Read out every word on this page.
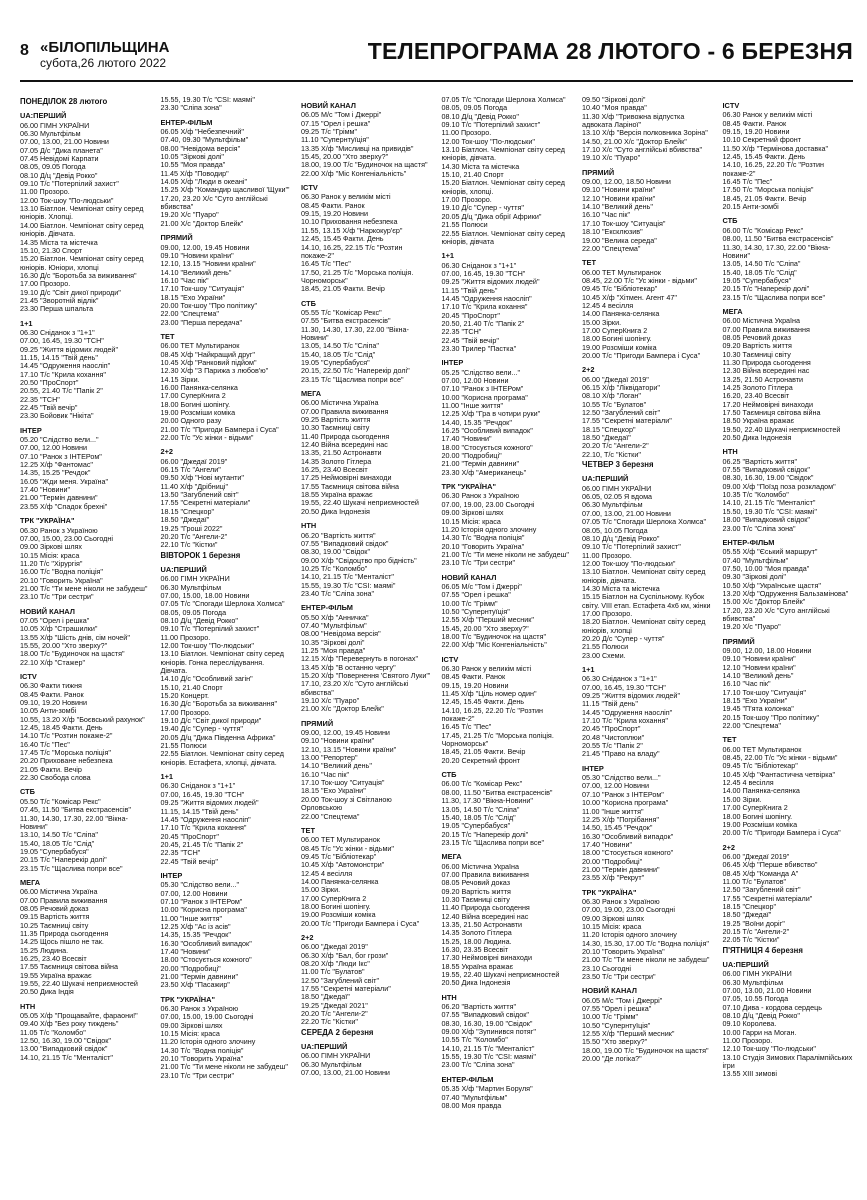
8 «БІЛОПІЛЬЩИНА
субота,26 лютого 2022	ТЕЛЕПРОГРАМА 28 ЛЮТОГО - 6 БЕРЕЗНЯ
ПОНЕДІЛОК 28 лютого
UA:ПЕРШИЙ
06.00 ГІМН УКРАЇНИ
06.30 Мультфільм
07.00, 13.00, 21.00 Новини
07.05 Д/с "Дика планета"
07.45 Невідомі Карпати
08.05, 09.05 Погода
08.10 Д/ц "Девід Рокко"
09.10 Т/с "Потерпілий захист"
11.00 Прозоро.
12.00 Ток-шоу "По-людськи"
13.10 Біатлон. Чемпіонат світу серед юніорів. Хлопці.
14.00 Біатлон. Чемпіонат світу серед юніорів. Дівчата.
14.35 Міста та містечка
15.10, 21.30 Спорт
15.20 Біатлон. Чемпіонат світу серед юніорів. Юніори, хлопці
16.30 Д/с "Боротьба за виживання"
17.00 Прозоро.
19.10 Д/с "Світ дикої природи"
21.45 "Зворотній відлік"
23.30 Перша шпальта
1+1
06.30 Сніданок з "1+1"
07.00, 16.45, 19.30 "ТСН"
09.25 "Життя відомих людей"
11.15, 14.15 "Твій день"
14.45 "Одруження наосліп"
17.10 Т/с "Крила кохання"
20.50 "ПроСпорт"
20.55, 21.40 Т/с "Папік 2"
22.35 "ТСН"
22.45 "Твій вечір"
23.30 Бойовик "Нікіта"
ІНТЕР
05.20 "Слідство вели..."
07.00, 12.00 Новини
07.10 "Ранок з ІНТЕРом"
12.25 Х/ф "Фантомас"
14.35, 15.25 "Речдок"
16.05 "Жди меня. Україна"
17.40 "Новини"
21.00 "Термін давнини"
23.55 Х/ф "Спадок брехні"
ТРК "УКРАЇНА"
06.30 Ранок з Україною
07.00, 15.00, 23.00 Сьогодні
09.00 Зіркові шлях
10.15 Місія: краса
11.20 Т/с "Хірургія"
16.00 Т/с "Водна поліція"
20.10 "Говорить Україна"
21.00 Т/с "Ти мене ніколи не забудеш"
23.10 Т/с "Три сестри"
НОВИЙ КАНАЛ
07.05 "Орел і решка"
10.05 Х/ф "Страшилки"
13.55 Х/ф "Шість днів, сім ночей"
15.55, 20.00 "Хто зверху?"
18.00 Т/с "Будиночок на щастя"
22.10 Х/ф "Стажер"
ICTV
06.30 Факти тижня
08.45 Факти. Ранок
09.10, 19.20 Новини
10.05 Анти-зомбі
10.55, 13.20 Х/ф "Боєвський рахунок"
12.45, 18.45 Факти. День
14.10 Т/с "Розтин покаже-2"
16.40 Т/с "Пес"
17.45 Т/с "Морська поліція"
20.20 Приховане небезпека
21.05 Факти. Вечір
22.30 Свобода слова
СТБ
05.50 Т/с "Комісар Рекс"
07.45, 11.50 "Битва екстрасенсів"
11.30, 14.30, 17.30, 22.00 "Вікна-Новини"
13.10, 14.50 Т/с "Сліпа"
15.40, 18.05 Т/с "Слід"
19.05 "Супербабуся"
20.15 Т/с "Наперекір долі"
23.15 Т/с "Щаслива попри все"
МЕГА
06.00 Містична Україна
07.00 Правила виживання
08.05 Речовий доказ
09.15 Вартість життя
10.25 Таємниці світу
11.35 Природа сьогодення
14.25 Щось пішло не так.
15.25 Людина.
16.25, 23.40 Всесвіт
17.55 Таємниця світова війна
19.55 Україна вражає
19.55, 22.40 Шукачі неприємностей
20.50 Дика Індія
НТН
05.05 Х/ф "Прощавайте, фараони!"
09.40 Х/ф "Без року тиждень"
11.05 Т/с "Коломбо"
12.50, 16.30, 19.00 "Свідок"
13.00 "Випадковий свідок"
14.10, 21.15 Т/с "Менталіст"
15.55, 19.30 Т/с "CSI: маямі"
23.30 "Сліпа зона"
ЕНТЕР-ФІЛЬМ
06.05 Х/ф "Небезпечний"
07.40, 09.30 "Мультфільм"
08.00 "Невідома версія"
10.05 "Зіркові долі"
10.55 "Моя правда"
11.45 Х/ф "Поводир"
14.05 Х/ф "Люди в океані"
15.25 Х/ф "Командир щасливої 'Щуки'"
17.20, 23.20 Х/с "Суто англійські вбивства"
19.20 Х/с "Пуаро"
21.00 Х/с "Доктор Блейк"
ПРЯМИЙ
09.00, 12.00, 19.45 Новини
09.10 "Новини країни"
12.10, 13.15 "Новини країни"
14.10 "Великий день"
16.10 "Час пік"
17.10 Ток-шоу "Ситуація"
18.15 "Ехо України"
20.00 Ток-шоу "Про політику"
22.00 "Спецтема"
23.00 "Перша передача"
ТЕТ
06.00 ТЕТ Мультиранок
08.45 Х/ф "Найкращий друг"
10.45 Х/ф "Ранковий підйом"
12.30 Х/ф "З Парижа з любов'ю"
14.15 Зірки.
16.00 Панянка-селянка
17.00 СуперКнига 2
18.00 Богині шопінгу.
19.00 Розсміши коміка
20.00 Одного разу
21.00 Т/с "Пригоди Бампера і Суса"
22.00 Т/с "Ус жінки - відьми"
2+2
06.00 "Джедаї 2019"
06.15 Т/с "Ангели"
09.50 Х/ф "Нові мутанти"
11.40 Х/ф "Дрібниці"
13.50 "Загублений світ"
17.55 "Секретні матеріали"
18.15 "Спецкор"
18.50 "Джедаї"
19.25 "Гроші 2022"
20.20 Т/с "Ангели-2"
22.10 Т/с "Кістки"
ВІВТОРОК 1 березня
UA:ПЕРШИЙ
06.00 ГІМН УКРАЇНИ
06.30 Мультфільм
07.00, 15.00, 18.00 Новини
07.05 Т/с "Спогади Шерлока Холмса"
08.05, 09.05 Погода
08.10 Д/ц "Девід Рокко"
09.10 Т/с "Потерпілий захист"
11.00 Прозоро.
12.00 Ток-шоу "По-людськи"
13.10 Біатлон. Чемпіонат світу серед юніорів. Гонка переслідування. Дівчата.
14.10 Д/с "Особливий загін"
15.10, 21.40 Спорт
15.20 Концерт.
16.30 Д/с "Боротьба за виживання"
17.00 Прозоро.
19.10 Д/с "Світ дикої природи"
19.40 Д/с "Супер - чуття"
20.05 Д/ц "Дика Південна Африка"
21.55 Полюси
22.55 Біатлон. Чемпіонат світу серед юніорів. Естафета, хлопці, дівчата.
1+1
06.30 Сніданок з "1+1"
07.00, 16.45, 19.30 "ТСН"
09.25 "Життя відомих людей"
11.15, 14.15 "Твій день"
14.45 "Одруження наосліп"
17.10 Т/с "Крила кохання"
20.45 "ПроСпорт"
20.45, 21.45 Т/с "Папік 2"
22.35 "ТСН"
22.45 "Твій вечір"
ІНТЕР
05.30 "Слідство вели..."
07.00, 12.00 Новини
07.10 "Ранок з ІНТЕРом"
10.00 "Корисна програма"
11.00 "Інше життя"
12.25 Х/ф "Ас із асів"
14.35, 15.35 "Речдок"
16.30 "Особливий випадок"
17.40 "Новини"
18.00 "Стосується кожного"
20.00 "Подробиці"
21.00 "Термін давнини"
23.50 Х/ф "Пасажир"
ТРК "УКРАЇНА"
06.30 Ранок з Україною
07.00, 15.00, 19.00 Сьогодні
09.00 Зіркові шлях
10.15 Місія: краса
11.20 Історія одного злочину
14.30 Т/с "Водна поліція"
20.10 "Говорить Україна"
21.00 Т/с "Ти мене ніколи не забудеш"
23.10 Т/с "Три сестри"
НОВИЙ КАНАЛ
06.05 М/с "Том і Джеррі"
07.15 "Орел і решка"
09.25 Т/с "Грімм"
11.10 "Супернтуїція"
13.35 Х/ф "Мисливці на привидів"
15.45, 20.00 "Хто зверху?"
18.00, 19.00 Т/с "Будиночок на щастя"
22.00 Х/ф "Міс Конгеніальність"
ICTV
06.30 Ранок у великім місті
08.45 Факти. Ранок
09.15, 19.20 Новини
10.10 Приховання небезпека
11.55, 13.15 Х/ф "Наркокур'єр"
12.45, 15.45 Факти. День
14.10, 16.25, 22.15 Т/с "Розтин покаже-2"
16.45 Т/с "Пес"
17.50, 21.25 Т/с "Морська поліція. Чорноморськ"
18.45, 21.05 Факти. Вечір
СТБ
05.55 Т/с "Комісар Рекс"
07.55 "Битва екстрасенсів"
11.30, 14.30, 17.30, 22.00 "Вікна-Новини"
13.05, 14.50 Т/с "Сліпа"
15.40, 18.05 Т/с "Слід"
19.05 "Супербабуся"
20.15, 22.50 Т/с "Наперекір долі"
23.15 Т/с "Щаслива попри все"
МЕГА
06.00 Містична Україна
07.00 Правила виживання
09.25 Вартість життя
10.30 Таємниці світу
11.40 Природа сьогодення
12.40 Війна всередині нас
13.35, 21.50 Астронавти
14.35 Золото Гітлера
16.25, 23.40 Всесвіт
17.25 Неймовірні винаходи
17.55 Таємниця світова війна
18.55 Україна вражає
19.55, 22.40 Шукачі неприємностей
20.50 Дика Індонезія
НТН
06.20 "Вартість життя"
07.55 "Випадковий свідок"
08.30, 19.00 "Свідок"
09.00 Х/ф "Свідоцтво про бідність"
10.25 Т/с "Коломбо"
14.10, 21.15 Т/с "Менталіст"
15.55, 19.30 Т/с "CSI: маямі"
23.40 Т/с "Сліпа зона"
ЕНТЕР-ФІЛЬМ
05.50 Х/ф "Анничка"
07.40 "Мультфільм"
08.00 "Невідома версія"
10.35 "Зіркові долі"
11.25 "Моя правда"
12.15 Х/ф "Перевернуть в погонах"
13.45 Х/ф "В останню чергу"
15.20 Х/ф "Повернення 'Святого Луки'"
17.10, 23.20 Х/с "Суто англійські вбивства"
19.10 Х/с "Пуаро"
21.00 Х/с "Доктор Блейк"
ПРЯМИЙ
09.00, 12.00, 19.45 Новини
09.10 "Новини країни"
12.10, 13.15 "Новини країни"
13.00 "Репортер"
14.10 "Великий день"
16.10 "Час пік"
17.10 Ток-шоу "Ситуація"
18.15 "Ехо України"
20.00 Ток-шоу зі Світланою Орловською
22.00 "Спецтема"
ТЕТ
06.00 ТЕТ Мультиранок
08.45 Т/с "Ус жінки - відьми"
09.45 Т/с "Бібліотекар"
10.45 Х/ф "Автомонстри"
12.45 4 весілля
14.00 Панянка-селянка
15.00 Зірки.
17.00 СуперКнига 2
18.00 Богині шопінгу.
19.00 Розсміши коміка
20.00 Т/с "Пригоди Бампера і Суса"
2+2
06.00 "Джедаї 2019"
06.30 Х/ф "Бал, бог грози"
08.20 Х/ф "Люди Ікс"
11.00 Т/с "Булатов"
12.50 "Загублений світ"
17.55 "Секретні матеріали"
18.50 "Джедаї"
19.25 "Джедаї 2021"
20.20 Т/с "Ангели-2"
22.20 Т/с "Кістки"
СЕРЕДА 2 березня
UA:ПЕРШИЙ
06.00 ГІМН УКРАЇНИ
06.30 Мультфільм
07.00, 13.00, 21.00 Новини
07.05 Т/с "Спогади Шерлока Холмса"
08.05, 09.05 Погода
08.10 Д/ц "Девід Рокко"
09.10 Т/с "Потерпілий захист"
11.00 Прозоро.
12.00 Ток-шоу "По-людськи"
13.10 Біатлон. Чемпіонат світу серед юніорів, дівчата.
14.30 Міста та містечка
15.10, 21.40 Спорт
15.20 Біатлон. Чемпіонат світу серед юніорів, хлопці.
17.00 Прозоро.
19.10 Д/с "Супер - чуття"
20.05 Д/ц "Дика обрії Африки"
21.55 Полюси
22.55 Біатлон. Чемпіонат світу серед юніорів, дівчата
1+1
06.30 Сніданок з "1+1"
07.00, 16.45, 19.30 "ТСН"
09.25 "Життя відомих людей"
11.15 "Твій день"
14.45 "Одруження наосліп"
17.10 Т/с "Крила кохання"
20.45 "ПроСпорт"
20.50, 21.40 Т/с "Папік 2"
22.35 "ТСН"
22.45 "Твій вечір"
23.30 Трилер "Пастка"
ІНТЕР
05.25 "Слідство вели..."
07.00, 12.00 Новини
07.10 "Ранок з ІНТЕРом"
10.00 "Корисна програма"
11.00 "Інше життя"
12.25 Х/ф "Гра в чотири руки"
14.40, 15.35 "Речдок"
16.25 "Особливий випадок"
17.40 "Новини"
18.00 "Стосується кожного"
20.00 "Подробиці"
21.00 "Термін давнини"
23.30 Х/ф "Американець"
ТРК "УКРАЇНА"
06.30 Ранок з Україною
07.00, 19.00, 23.00 Сьогодні
09.00 Зіркові шлях
10.15 Місія: краса
11.20 Історія одного злочину
14.30 Т/с "Водна поліція"
20.10 "Говорить Україна"
21.00 Т/с "Ти мене ніколи не забудеш"
23.10 Т/с "Три сестри"
НОВИЙ КАНАЛ
06.05 М/с "Том і Джеррі"
07.55 "Орел і решка"
10.00 Т/с "Грімм"
10.50 "Супернтуїція"
12.55 Х/ф "Перший месник"
15.45, 20.00 "Хто зверху?"
18.00 Т/с "Будиночок на щастя"
22.00 Х/ф "Міс Конгеніальність"
ICTV
06.30 Ранок у великім місті
08.45 Факти. Ранок
09.15, 19.20 Новини
11.45 Х/ф "Ціль номер один"
12.45, 15.45 Факти. День
14.10, 16.25, 22.20 Т/с "Розтин покаже-2"
16.45 Т/с "Пес"
17.45, 21.25 Т/с "Морська поліція. Чорноморськ"
18.45, 21.05 Факти. Вечір
20.20 Секретний фронт
СТБ
06.00 Т/с "Комісар Рекс"
08.00, 11.50 "Битва екстрасенсів"
11.30, 17.30 "Вікна-Новини"
13.05, 14.50 Т/с "Сліпа"
15.40, 18.05 Т/с "Слід"
19.05 "Супербабуся"
20.15 Т/с "Наперекір долі"
23.15 Т/с "Щаслива попри все"
МЕГА
06.00 Містична Україна
07.00 Правила виживання
08.05 Речовий доказ
09.20 Вартість життя
10.30 Таємниці світу
11.40 Природа сьогодення
12.40 Війна всередині нас
13.35, 21.50 Астронавти
14.35 Золото Гітлера
15.25, 18.00 Людина.
16.30, 23.35 Всесвіт
17.30 Неймовірні винаходи
18.55 Україна вражає
19.55, 22.40 Шукачі неприємностей
20.50 Дика Індонезія
НТН
06.20 "Вартість життя"
07.55 "Випадковий свідок"
08.30, 16.30, 19.00 "Свідок"
09.00 Х/ф "Зупинився потяг"
10.55 Т/с "Коломбо"
14.10, 21.15 Т/с "Менталіст"
15.55, 19.30 Т/с "CSI: маямі"
23.00 Т/с "Сліпа зона"
ЕНТЕР-ФІЛЬМ
05.35 Х/ф "Мартин Боруля"
07.40 "Мультфільм"
08.00 Моя правда
09.50 "Зіркові долі"
10.40 "Моя правда"
11.30 Х/ф "Тривожна відпустка адвоката Ларіної"
13.10 Х/ф "Версія полковника Зоріна"
14.50, 21.00 Х/с "Доктор Блейк"
17.10 Х/с "Суто англійські вбивства"
19.10 Х/с "Пуаро"
ПРЯМИЙ
09.00, 12.00, 18.50 Новини
09.10 "Новини країни"
12.10 "Новини країни"
14.10 "Великий день"
16.10 "Час пік"
17.10 Ток-шоу "Ситуація"
18.10 "Ексклюзив"
19.00 "Велика середа"
22.00 "Спецтема"
ТЕТ
06.00 ТЕТ Мультиранок
08.45, 22.00 Т/с "Ус жінки - відьми"
09.45 Т/с "Бібліотекар"
10.45 Х/ф "Хітмен. Агент 47"
12.45 4 весілля
14.00 Панянка-селянка
15.00 Зірки.
17.00 СуперКнига 2
18.00 Богині шопінгу.
19.00 Розсміши коміка
20.00 Т/с "Пригоди Бампера і Суса"
2+2
06.00 "Джедаї 2019"
06.15 Х/ф "Ліквідатори"
08.10 Х/ф "Логан"
10.55 Т/с "Булатов"
12.50 "Загублений світ"
17.55 "Секретні матеріали"
18.15 "Спецкор"
18.50 "Джедаї"
20.20 Т/с "Ангели-2"
22.10, Т/с "Кістки"
ЧЕТВЕР 3 березня
UA:ПЕРШИЙ
06.00 ГІМН УКРАЇНИ
06.05, 02.05 Я вдома
06.30 Мультфільм
07.00, 13.00, 21.00 Новини
07.05 Т/с "Спогади Шерлока Холмса"
08.05, 10.05 Погода
08.10 Д/ц "Девід Рокко"
09.10 Т/с "Потерпілий захист"
11.00 Прозоро.
12.00 Ток-шоу "По-людськи"
13.10 Біатлон. Чемпіонат світу серед юніорів, дівчата.
14.30 Міста та містечка
15.15 Біатлон на Суспільному. Кубок світу. VIII етап. Естафета 4х6 км, жінки
17.00 Прозоро.
18.20 Біатлон. Чемпіонат світу серед юніорів, хлопці
20.20 Д/с "Супер - чуття"
21.55 Полюси
23.00 Схеми.
1+1
06.30 Сніданок з "1+1"
07.00, 16.45, 19.30 "ТСН"
09.25 "Життя відомих людей"
11.15 "Твій день"
14.45 "Одруження наосліп"
17.10 Т/с "Крила кохання"
20.45 "ПроСпорт"
20.48 "Чистоплюи"
20.55 Т/с "Папік 2"
21.45 "Право на владу"
ІНТЕР
05.30 "Слідство вели..."
07.00, 12.00 Новини
07.10 "Ранок з ІНТЕРом"
10.00 "Корисна програма"
11.00 "Інше життя"
12.25 Х/ф "Погрібання"
14.50, 15.45 "Речдок"
16.30 "Особливий випадок"
17.40 "Новини"
18.00 "Стосується кожного"
20.00 "Подробиці"
21.00 "Термін давнини"
23.55 Х/ф "Рекрут"
ТРК "УКРАЇНА"
06.30 Ранок з Україною
07.00, 19.00, 23.00 Сьогодні
09.00 Зіркові шлях
10.15 Місія: краса
11.20 Історія одного злочину
14.30, 15.30, 17.00 Т/с "Водна поліція"
20.10 "Говорить Україна"
21.00 Т/с "Ти мене ніколи не забудеш"
23.10 Сьогодні
23.50 Т/с "Три сестри"
НОВИЙ КАНАЛ
06.05 М/с "Том і Джеррі"
07.55 "Орел і решка"
10.00 Т/с "Грімм"
10.50 "Супернтуїція"
12.55 Х/ф "Перший месник"
15.50 "Хто зверху?"
18.00, 19.00 Т/с "Будиночок на щастя"
20.00 "Де логіка?"
ICTV
06.30 Ранок у великім місті
08.45 Факти. Ранок
09.15, 19.20 Новини
10.10 Секретний фронт
11.50 Х/ф "Термінова доставка"
12.45, 15.45 Факти. День
14.10, 16.25, 22.20 Т/с "Розтин покаже-2"
16.45 Т/с "Пес"
17.50 Т/с "Морська поліція"
18.45, 21.05 Факти. Вечір
20.15 Анти-зомбі
СТБ
06.00 Т/с "Комісар Рекс"
08.00, 11.50 "Битва екстрасенсів"
11.30, 14.30, 17.30, 22.00 "Вікна-Новини"
13.05, 14.50 Т/с "Сліпа"
15.40, 18.05 Т/с "Слід"
19.05 "Супербабуся"
20.15 Т/с "Наперекір долі"
23.15 Т/с "Щаслива попри все"
МЕГА
06.00 Містична Україна
07.00 Правила виживання
08.05 Речовий доказ
09.20 Вартість життя
10.30 Таємниці світу
11.30 Природа сьогодення
12.30 Війна всередині нас
13.25, 21.50 Астронавти
14.25 Золото Гітлера
16.20, 23.40 Всесвіт
17.20 Неймовірні винаходи
17.50 Таємниця світова війна
18.50 Україна вражає
19.50, 22.40 Шукачі неприємностей
20.50 Дика Індонезія
НТН
06.25 "Вартість життя"
07.55 "Випадковий свідок"
08.30, 16.30, 19.00 "Свідок"
09.00 Х/ф "Поїзд поза розкладом"
10.35 Т/с "Коломбо"
14.10, 21.15 Т/с "Менталіст"
15.50, 19.30 Т/с "CSI: маямі"
18.00 "Випадковий свідок"
23.00 Т/с "Сліпа зона"
ЕНТЕР-ФІЛЬМ
05.55 Х/ф "Єський маршрут"
07.40 "Мультфільм"
07.50, 10.00 "Моя правда"
09.30 "Зіркові долі"
10.50 Х/ф "Українське щастя"
13.20 Х/ф "Одруження Бальзамінова"
15.00 Х/с "Доктор Блейк"
17.20, 23.20 Х/с "Суто англійські вбивства"
19.20 Х/с "Пуаро"
ПРЯМИЙ
09.00, 12.00, 18.00 Новини
09.10 "Новини країни"
12.10 "Новини країни"
14.10 "Великий день"
16.10 "Час пік"
17.10 Ток-шоу "Ситуація"
18.15 "Ехо України"
19.45 "П'ята колонка"
20.15 Ток-шоу "Про політику"
22.00 "Спецтема"
ТЕТ
06.00 ТЕТ Мультиранок
08.45, 22.00 Т/с "Ус жінки - відьми"
09.45 Т/с "Бібліотекар"
10.45 Х/ф "Фантастична четвірка"
12.45 4 весілля
14.00 Панянка-селянка
15.00 Зірки.
17.00 СуперКнига 2
18.00 Богині шопінгу.
19.00 Розсміши коміка
20.00 Т/с "Пригоди Бампера і Суса"
2+2
06.00 "Джедаї 2019"
06.45 Х/ф "Перше вбивство"
08.45 Х/ф "Команда А"
11.00 Т/с "Булатов"
12.50 "Загублений світ"
17.55 "Секретні матеріали"
18.15 "Спецкор"
18.50 "Джедаї"
19.25 "Воїни доріг"
20.15 Т/с "Ангели-2"
22.05 Т/с "Кістки"
П'ЯТНИЦЯ 4 березня
UA:ПЕРШИЙ
06.00 ГІМН УКРАЇНИ
06.30 Мультфільм
07.00, 13.00, 21.00 Новини
07.05, 10.55 Погода
07.10 Дива - кордова сердець
08.10 Д/ц "Девід Рокко"
09.10 Королева.
10.00 Гарри на Моган.
11.00 Прозоро.
12.10 Ток-шоу "По-людськи"
13.10 Студія Зимових Паралімпійських ігри
13.55 XIII зимові
